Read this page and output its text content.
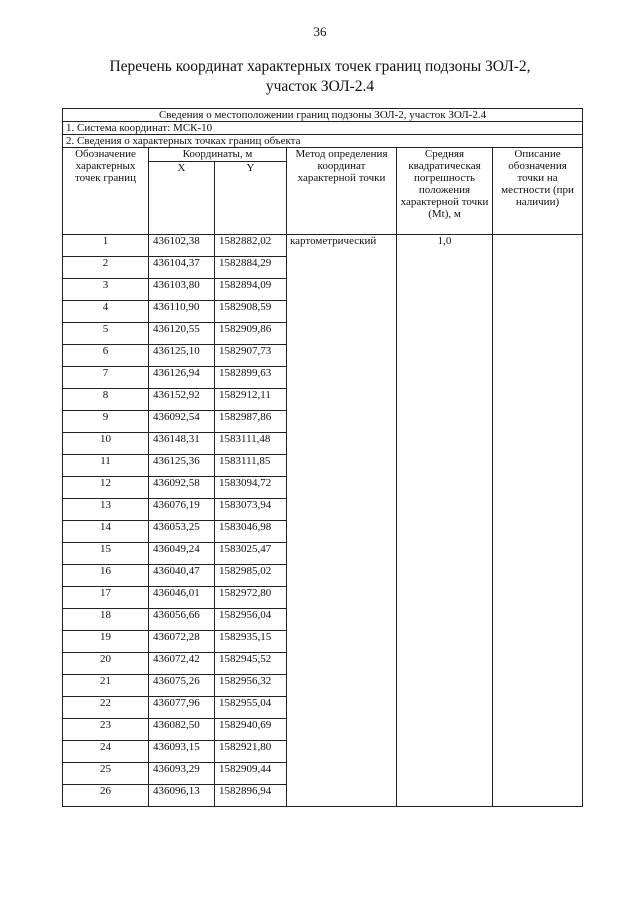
36
Перечень координат характерных точек границ подзоны ЗОЛ-2,
участок ЗОЛ-2.4
Сведения о местоположении границ подзоны ЗОЛ-2, участок ЗОЛ-2.4					
1. Система координат: МСК-10					
2. Сведения о характерных точках границ объекта					
Обозначение характерных точек границ	Координаты, м		Метод определения координат характерной точки	Средняя квадратическая погрешность положения характерной точки (Mt), м	Описание обозначения точки на местности (при наличии)
	X	Y			
1	436102,38	1582882,02	картометрический	1,0	
2	436104,37	1582884,29			
3	436103,80	1582894,09			
4	436110,90	1582908,59			
5	436120,55	1582909,86			
6	436125,10	1582907,73			
7	436126,94	1582899,63			
8	436152,92	1582912,11			
9	436092,54	1582987,86			
10	436148,31	1583111,48			
11	436125,36	1583111,85			
12	436092,58	1583094,72			
13	436076,19	1583073,94			
14	436053,25	1583046,98			
15	436049,24	1583025,47			
16	436040,47	1582985,02			
17	436046,01	1582972,80			
18	436056,66	1582956,04			
19	436072,28	1582935,15			
20	436072,42	1582945,52			
21	436075,26	1582956,32			
22	436077,96	1582955,04			
23	436082,50	1582940,69			
24	436093,15	1582921,80			
25	436093,29	1582909,44			
26	436096,13	1582896,94			
